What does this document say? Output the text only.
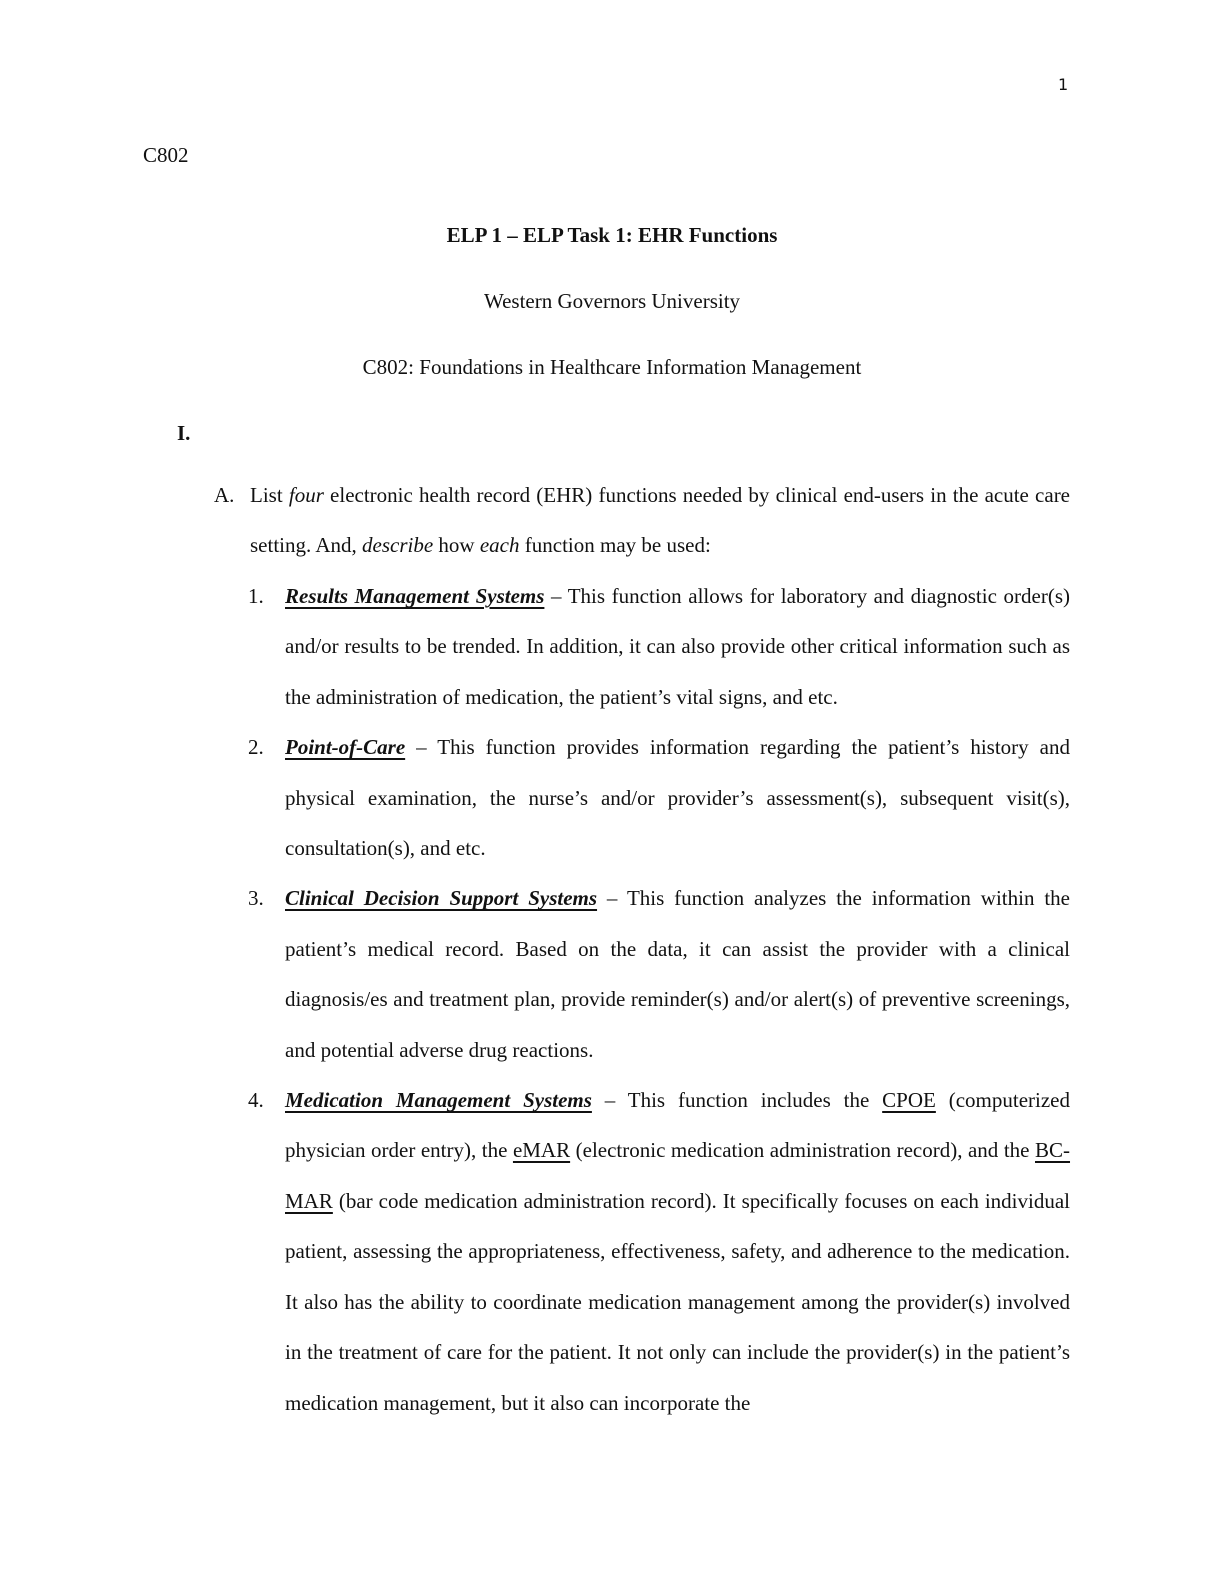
1
C802
ELP 1 – ELP Task 1: EHR Functions
Western Governors University
C802: Foundations in Healthcare Information Management
I.
A. List four electronic health record (EHR) functions needed by clinical end-users in the acute care setting. And, describe how each function may be used:
1. Results Management Systems – This function allows for laboratory and diagnostic order(s) and/or results to be trended. In addition, it can also provide other critical information such as the administration of medication, the patient’s vital signs, and etc.
2. Point-of-Care – This function provides information regarding the patient’s history and physical examination, the nurse’s and/or provider’s assessment(s), subsequent visit(s), consultation(s), and etc.
3. Clinical Decision Support Systems – This function analyzes the information within the patient’s medical record. Based on the data, it can assist the provider with a clinical diagnosis/es and treatment plan, provide reminder(s) and/or alert(s) of preventive screenings, and potential adverse drug reactions.
4. Medication Management Systems – This function includes the CPOE (computerized physician order entry), the eMAR (electronic medication administration record), and the BC-MAR (bar code medication administration record). It specifically focuses on each individual patient, assessing the appropriateness, effectiveness, safety, and adherence to the medication. It also has the ability to coordinate medication management among the provider(s) involved in the treatment of care for the patient. It not only can include the provider(s) in the patient’s medication management, but it also can incorporate the
